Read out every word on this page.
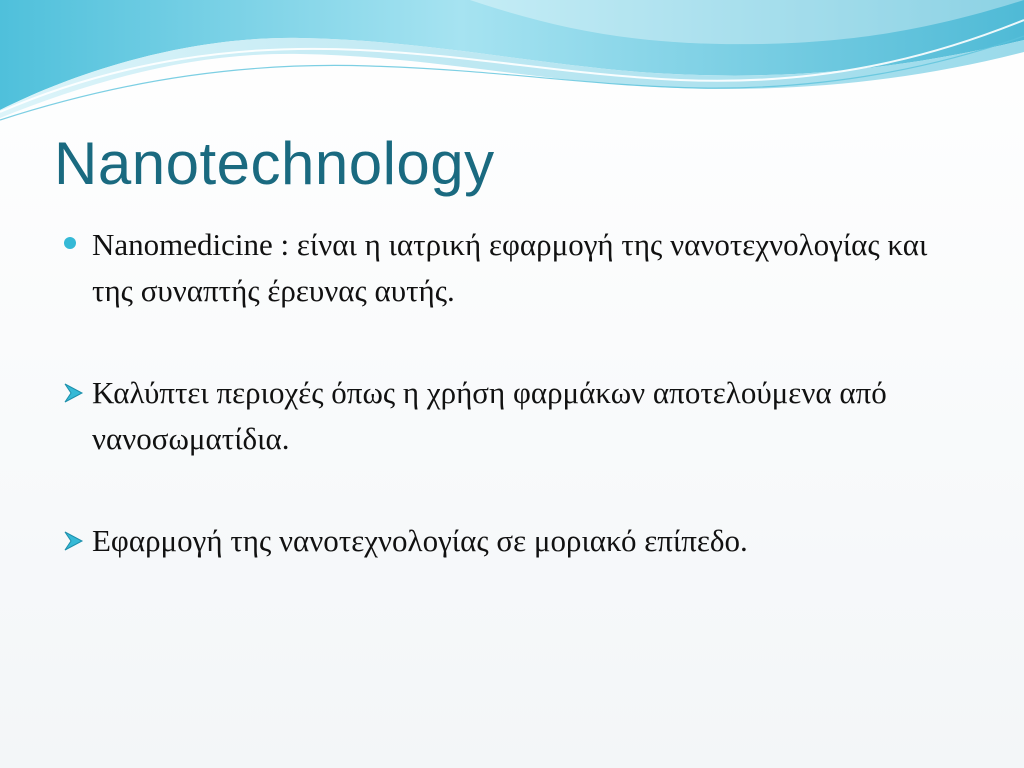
Nanotechnology

Nanomedicine : είναι η ιατρική εφαρμογή της νανοτεχνολογίας και της συναπτής έρευνας αυτής.

Καλύπτει περιοχές όπως η χρήση φαρμάκων αποτελούμενα από νανοσωματίδια.

Εφαρμογή της νανοτεχνολογίας σε μοριακό επίπεδο.
